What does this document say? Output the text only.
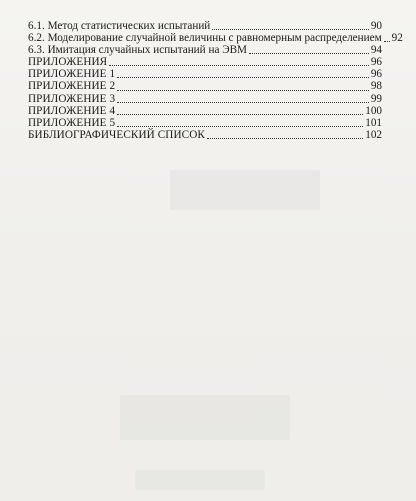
6.1. Метод статистических испытаний	90
6.2. Моделирование случайной величины с равномерным распределением 92
6.3. Имитация случайных испытаний на ЭВМ	94
ПРИЛОЖЕНИЯ	96
ПРИЛОЖЕНИЕ 1	96
ПРИЛОЖЕНИЕ 2	98
ПРИЛОЖЕНИЕ 3	99
ПРИЛОЖЕНИЕ 4	100
ПРИЛОЖЕНИЕ 5	101
БИБЛИОГРАФИЧЕСКИЙ СПИСОК	102
